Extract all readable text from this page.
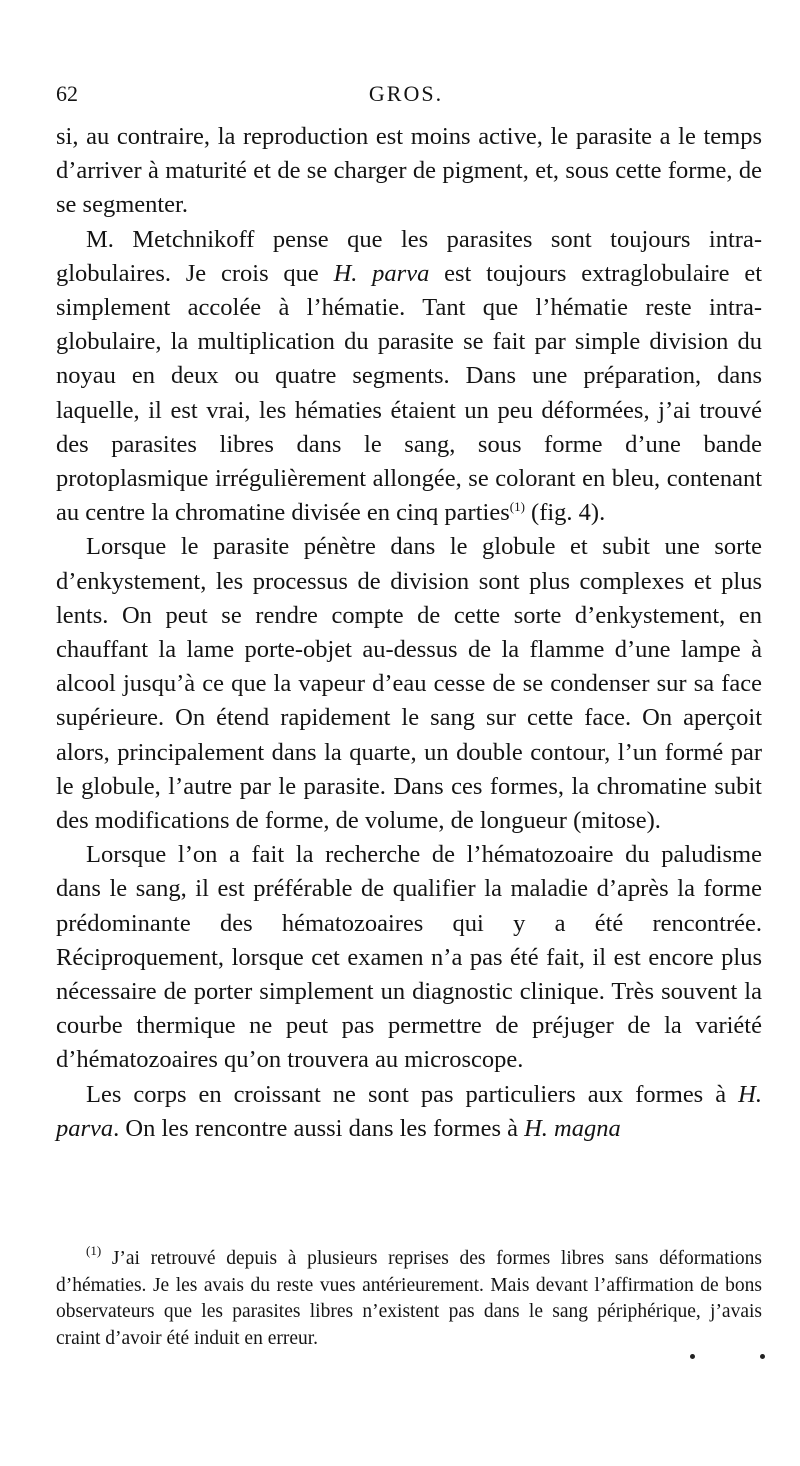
62	GROS.

si, au contraire, la reproduction est moins active, le parasite a le temps d’arriver à maturité et de se charger de pigment, et, sous cette forme, de se segmenter.

M. Metchnikoff pense que les parasites sont toujours intra-globulaires. Je crois que H. parva est toujours extraglobulaire et simplement accolée à l’hématie. Tant que l’hématie reste intra-globulaire, la multiplication du parasite se fait par simple division du noyau en deux ou quatre segments. Dans une préparation, dans laquelle, il est vrai, les hématies étaient un peu déformées, j’ai trouvé des parasites libres dans le sang, sous forme d’une bande protoplasmique irrégulièrement allongée, se colorant en bleu, contenant au centre la chromatine divisée en cinq parties$^{(1)}$ (fig. 4).

Lorsque le parasite pénètre dans le globule et subit une sorte d’enkystement, les processus de division sont plus complexes et plus lents. On peut se rendre compte de cette sorte d’enkystement, en chauffant la lame porte-objet au-dessus de la flamme d’une lampe à alcool jusqu’à ce que la vapeur d’eau cesse de se condenser sur sa face supérieure. On étend rapidement le sang sur cette face. On aperçoit alors, principalement dans la quarte, un double contour, l’un formé par le globule, l’autre par le parasite. Dans ces formes, la chromatine subit des modifications de forme, de volume, de longueur (mitose).

Lorsque l’on a fait la recherche de l’hématozoaire du paludisme dans le sang, il est préférable de qualifier la maladie d’après la forme prédominante des hématozoaires qui y a été rencontrée. Réciproquement, lorsque cet examen n’a pas été fait, il est encore plus nécessaire de porter simplement un diagnostic clinique. Très souvent la courbe thermique ne peut pas permettre de préjuger de la variété d’hématozoaires qu’on trouvera au microscope.

Les corps en croissant ne sont pas particuliers aux formes à H. parva. On les rencontre aussi dans les formes à H. magna

$^{(1)}$ J’ai retrouvé depuis à plusieurs reprises des formes libres sans déformations d’hématies. Je les avais du reste vues antérieurement. Mais devant l’affirmation de bons observateurs que les parasites libres n’existent pas dans le sang périphérique, j’avais craint d’avoir été induit en erreur.
